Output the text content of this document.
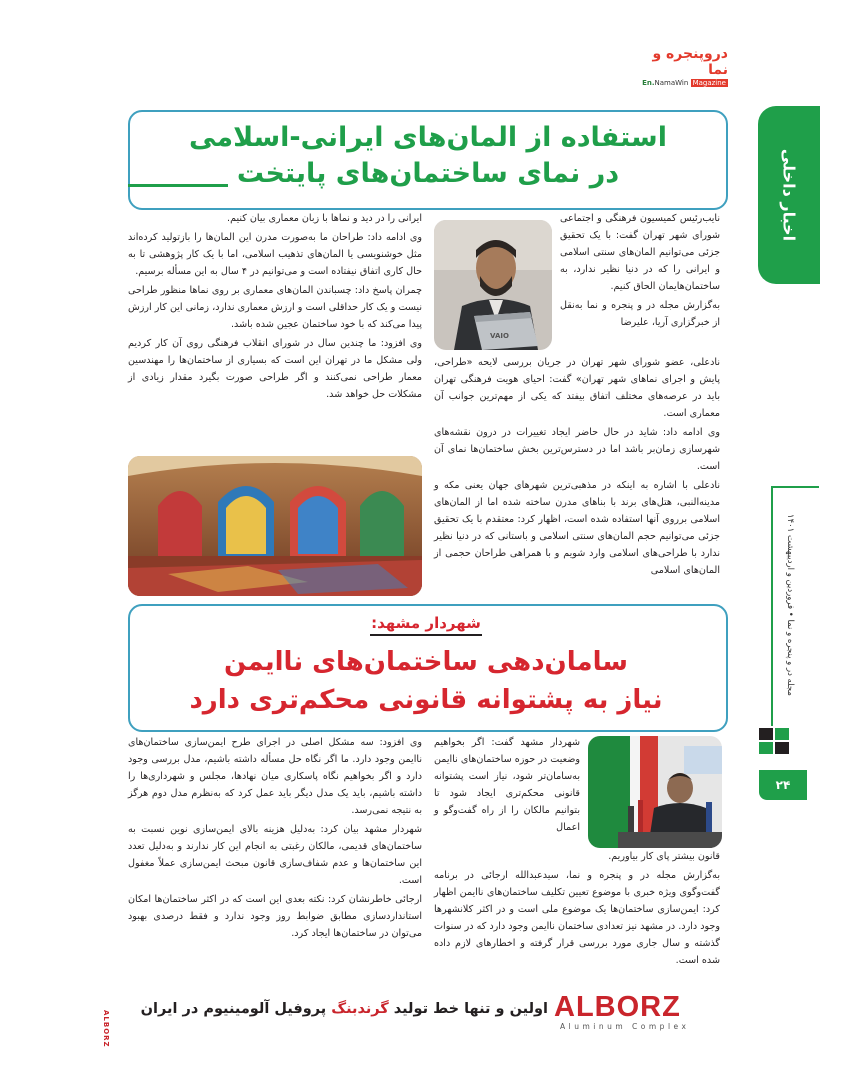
دروپنجره و نما
En.NamaWin Magazine
اخبار داخلی
مجله در و پنجره و نما • فروردین و اردیبهشت ۱۴۰۱
۲۴
استفاده از المان‌های ایرانی-اسلامی
در نمای ساختمان‌های پایتخت
VAIO

نایب‌رئیس کمیسیون فرهنگی و اجتماعی شورای شهر تهران گفت: با یک تحقیق جزئی می‌توانیم المان‌های سنتی اسلامی و ایرانی را که در دنیا نظیر ندارد، به ساختمان‌هایمان الحاق کنیم.

به‌گزارش مجله در و پنجره و نما به‌نقل از خبرگزاری آریا، علیرضا

نادعلی، عضو شورای شهر تهران در جریان بررسی لایحه «طراحی، پایش و اجرای نماهای شهر تهران» گفت: احیای هویت فرهنگی تهران باید در عرصه‌های مختلف اتفاق بیفتد که یکی از مهم‌ترین جوانب آن معماری است.

وی ادامه داد: شاید در حال حاضر ایجاد تغییرات در درون نقشه‌های شهرسازی زمان‌بر باشد اما در دسترس‌ترین بخش ساختمان‌ها نمای آن است.

نادعلی با اشاره به اینکه در مذهبی‌ترین شهرهای جهان یعنی مکه و مدینه‌النبی، هتل‌های برند با بناهای مدرن ساخته شده اما از المان‌های اسلامی برروی آنها استفاده شده است، اظهار کرد: معتقدم با یک تحقیق جزئی می‌توانیم حجم المان‌های سنتی اسلامی و باستانی که در دنیا نظیر ندارد با طراحی‌های اسلامی وارد شویم و با همراهی طراحان حجمی از المان‌های اسلامی

ایرانی را در دید و نماها با زبان معماری بیان کنیم.

وی ادامه داد: طراحان ما به‌صورت مدرن این المان‌ها را بازتولید کرده‌اند مثل خوشنویسی یا المان‌های تذهیب اسلامی، اما با یک کار پژوهشی تا به حال کاری اتفاق نیفتاده است و می‌توانیم در ۴ سال به این مسأله برسیم.

چمران پاسخ داد: چسباندن المان‌های معماری بر روی نماها منظور طراحی نیست و یک کار حداقلی است و ارزش معماری ندارد، زمانی این کار ارزش پیدا می‌کند که با خود ساختمان عجین شده باشد.

وی افزود: ما چندین سال در شورای انقلاب فرهنگی روی آن کار کردیم ولی مشکل ما در تهران این است که بسیاری از ساختمان‌ها را مهندسین معمار طراحی نمی‌کنند و اگر طراحی صورت بگیرد مقدار زیادی از مشکلات حل خواهد شد.

شهردار مشهد:
سامان‌دهی ساختمان‌های ناایمن
نیاز به پشتوانه قانونی محکم‌تری دارد

شهردار مشهد گفت: اگر بخواهیم وضعیت در حوزه ساختمان‌های ناایمن به‌سامان‌تر شود، نیاز است پشتوانه قانونی محکم‌تری ایجاد شود تا بتوانیم مالکان را از راه گفت‌وگو و اعمال

قانون بیشتر پای کار بیاوریم.

به‌گزارش مجله در و پنجره و نما، سیدعبدالله ارجائی در برنامه گفت‌وگوی ویژه خبری با موضوع تعیین تکلیف ساختمان‌های ناایمن اظهار کرد: ایمن‌سازی ساختمان‌ها یک موضوع ملی است و در اکثر کلانشهرها وجود دارد. در مشهد نیز تعدادی ساختمان ناایمن وجود دارد که در سنوات گذشته و سال جاری مورد بررسی قرار گرفته و اخطارهای لازم داده شده است.

وی افزود: سه مشکل اصلی در اجرای طرح ایمن‌سازی ساختمان‌های ناایمن وجود دارد. ما اگر نگاه حل مسأله داشته باشیم، مدل بررسی وجود دارد و اگر بخواهیم نگاه پاسکاری میان نهادها، مجلس و شهرداری‌ها را داشته باشیم، باید یک مدل دیگر باید عمل کرد که به‌نظرم مدل دوم هرگز به نتیجه نمی‌رسد.

شهردار مشهد بیان کرد: به‌دلیل هزینه بالای ایمن‌سازی نوین نسبت به ساختمان‌های قدیمی، مالکان رغبتی به انجام این کار ندارند و به‌دلیل تعدد این ساختمان‌ها و عدم شفاف‌سازی قانون مبحث ایمن‌سازی عملاً مغفول است.

ارجائی خاطرنشان کرد: نکته بعدی این است که در اکثر ساختمان‌ها امکان استانداردسازی مطابق ضوابط روز وجود ندارد و فقط درصدی بهبود می‌توان در ساختمان‌ها ایجاد کرد.

ALBORZ
اولین و تنها خط تولید گرندبنگ پروفیل آلومینیوم در ایران	ALBORZ
Aluminum Complex
